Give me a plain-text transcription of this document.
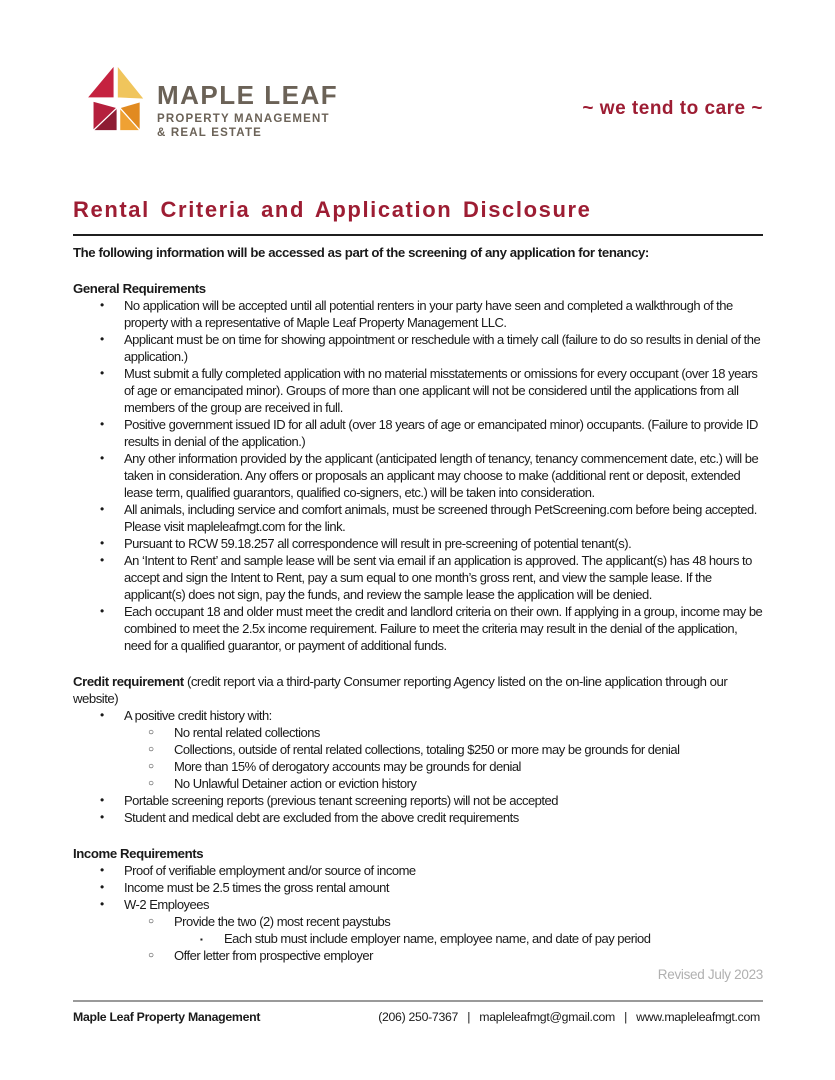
MAPLE LEAF
PROPERTY MANAGEMENT
& REAL ESTATE
~ we tend to care ~
Rental Criteria and Application Disclosure
The following information will be accessed as part of the screening of any application for tenancy:
General Requirements
•	No application will be accepted until all potential renters in your party have seen and completed a walkthrough of the property with a representative of Maple Leaf Property Management LLC.
•	Applicant must be on time for showing appointment or reschedule with a timely call (failure to do so results in denial of the application.)
•	Must submit a fully completed application with no material misstatements or omissions for every occupant (over 18 years of age or emancipated minor). Groups of more than one applicant will not be considered until the applications from all members of the group are received in full.
•	Positive government issued ID for all adult (over 18 years of age or emancipated minor) occupants. (Failure to provide ID results in denial of the application.)
•	Any other information provided by the applicant (anticipated length of tenancy, tenancy commencement date, etc.) will be taken in consideration. Any offers or proposals an applicant may choose to make (additional rent or deposit, extended lease term, qualified guarantors, qualified co-signers, etc.) will be taken into consideration.
•	All animals, including service and comfort animals, must be screened through PetScreening.com before being accepted. Please visit mapleleafmgt.com for the link.
•	Pursuant to RCW 59.18.257 all correspondence will result in pre-screening of potential tenant(s).
•	An ‘Intent to Rent’ and sample lease will be sent via email if an application is approved. The applicant(s) has 48 hours to accept and sign the Intent to Rent, pay a sum equal to one month’s gross rent, and view the sample lease. If the applicant(s) does not sign, pay the funds, and review the sample lease the application will be denied.
•	Each occupant 18 and older must meet the credit and landlord criteria on their own. If applying in a group, income may be combined to meet the 2.5x income requirement. Failure to meet the criteria may result in the denial of the application, need for a qualified guarantor, or payment of additional funds.
Credit requirement (credit report via a third-party Consumer reporting Agency listed on the on-line application through our website)
•	A positive credit history with:
○	No rental related collections
○	Collections, outside of rental related collections, totaling $250 or more may be grounds for denial
○	More than 15% of derogatory accounts may be grounds for denial
○	No Unlawful Detainer action or eviction history
•	Portable screening reports (previous tenant screening reports) will not be accepted
•	Student and medical debt are excluded from the above credit requirements
Income Requirements
•	Proof of verifiable employment and/or source of income
•	Income must be 2.5 times the gross rental amount
•	W-2 Employees
○	Provide the two (2) most recent paystubs
▪	Each stub must include employer name, employee name, and date of pay period
○	Offer letter from prospective employer
Revised July 2023
Maple Leaf Property Management	(206) 250-7367 | mapleleafmgt@gmail.com | www.mapleleafmgt.com
